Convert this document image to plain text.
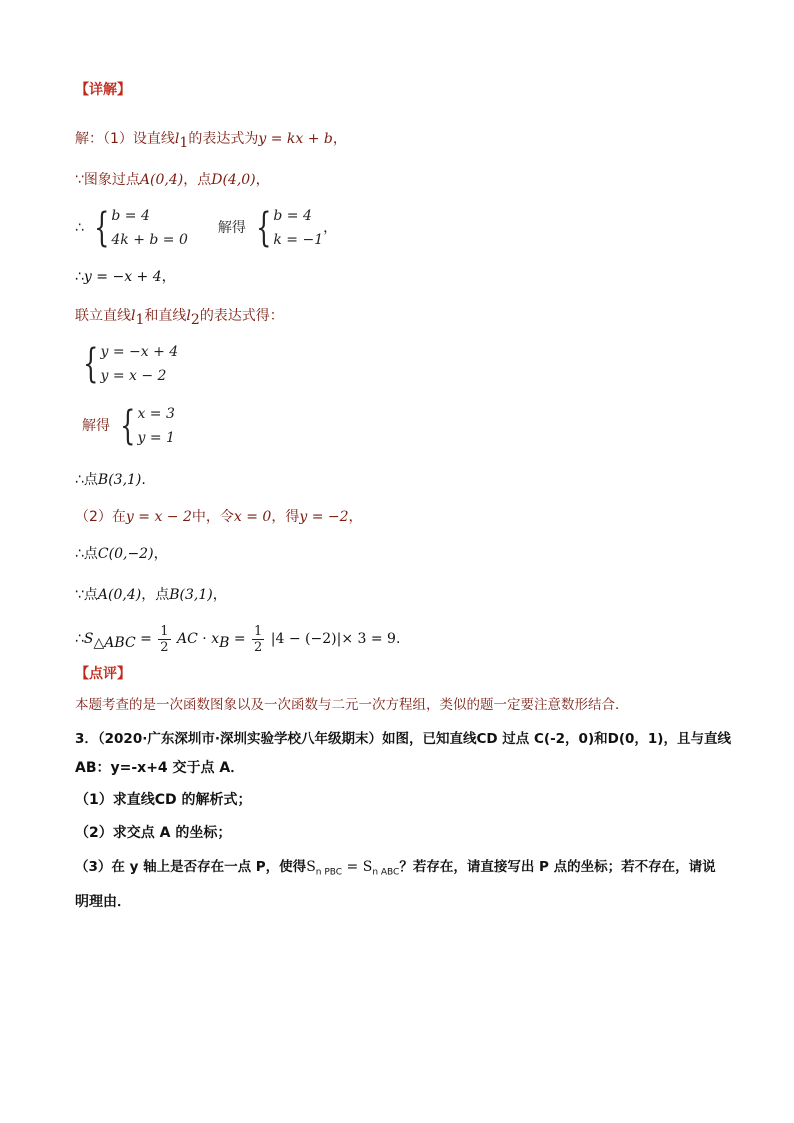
【详解】
解：（1）设直线$l_1$的表达式为y = kx + b，
∵图象过点A(0,4)，点D(4,0)，
∴ { b = 4
4k + b = 0
解得 { b = 4
k = −1
，
∴y = −x + 4，
联立直线$l_1$和直线$l_2$的表达式得：
{ y = −x + 4
y = x − 2
解得 { x = 3
y = 1
∴点B(3,1).
（2）在y = x − 2中，令x = 0，得y = −2，
∴点C(0,−2)，
∵点A(0,4)，点B(3,1)，
$\therefore S_{\triangle ABC} = \frac{1}{2}$ AC · $x_B = \frac{1}{2} |4 - (-2)|\times 3 = 9$.
【点评】
本题考查的是一次函数图象以及一次函数与二元一次方程组，类似的题一定要注意数形结合．
3．（2020·广东深圳市·深圳实验学校八年级期末）如图，已知直线CD 过点 C(-2，0)和D(0，1)，且与直线
AB：y=-x+4 交于点 A．
（1）求直线CD 的解析式；
（2）求交点 A 的坐标；
（3）在 y 轴上是否存在一点 P，使得$S_{n PBC} = S_{n ABC}$？若存在，请直接写出 P 点的坐标；若不存在，请说
明理由．
